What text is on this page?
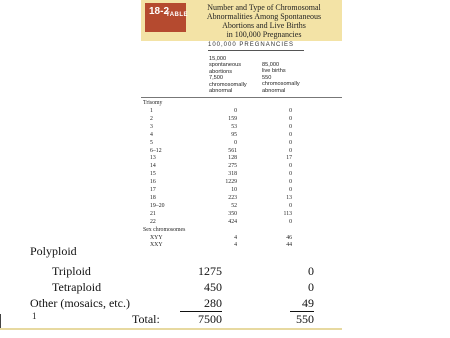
18-2
TABLE
Number and Type of Chromosomal
Abnormalities Among Spontaneous
Abortions and Live Births
in 100,000 Pregnancies
100,000 PREGNANCIES
15,000
spontaneous
abortions
7,500
chromosomally
abnormal
85,000
live births
550
chromosomally
abnormal
Trisomy
1	0	0
2	159	0
3	53	0
4	95	0
5	0	0
6–12	561	0
13	128	17
14	275	0
15	318	0
16	1229	0
17	10	0
18	223	13
19–20	52	0
21	350	113
22	424	0
Sex chromosomes
XYY	4	46
XXY	4	44
Polyploid
Triploid	1275	0
Tetraploid	450	0
Other (mosaics, etc.)	280	49
1	Total:	7500	550
